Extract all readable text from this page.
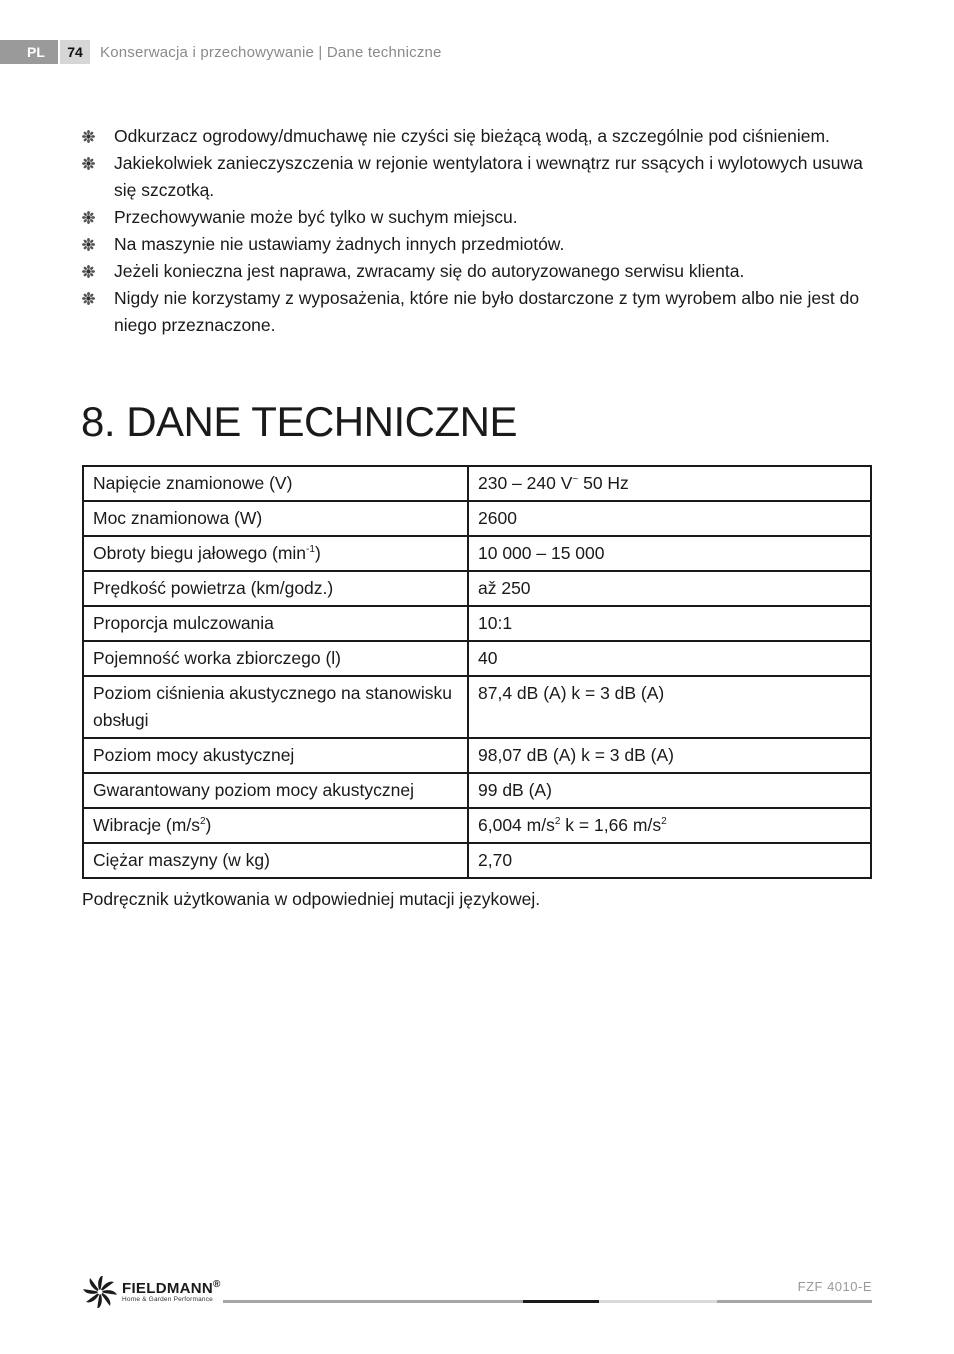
PL	74	Konserwacja i przechowywanie | Dane techniczne
Odkurzacz ogrodowy/dmuchawę nie czyści się bieżącą wodą, a szczególnie pod ciśnieniem.
Jakiekolwiek zanieczyszczenia w rejonie wentylatora i wewnątrz rur ssących i wylotowych usuwa się szczotką.
Przechowywanie może być tylko w suchym miejscu.
Na maszynie nie ustawiamy żadnych innych przedmiotów.
Jeżeli konieczna jest naprawa, zwracamy się do autoryzowanego serwisu klienta.
Nigdy nie korzystamy z wyposażenia, które nie było dostarczone z tym wyrobem albo nie jest do niego przeznaczone.
8. DANE TECHNICZNE
Napięcie znamionowe (V)	230 – 240 V~ 50 Hz
Moc znamionowa (W)	2600
Obroty biegu jałowego $(\min^{-1})$	10 000 – 15 000
Prędkość powietrza (km/godz.)	až 250
Proporcja mulczowania	10:1
Pojemność worka zbiorczego (l)	40
Poziom ciśnienia akustycznego na stanowisku obsługi	87,4 dB (A) k = 3 dB (A)
Poziom mocy akustycznej	98,07 dB (A) k = 3 dB (A)
Gwarantowany poziom mocy akustycznej	99 dB (A)
Wibracje $(m/s^2)$	6,004 $m/s^2$ k = 1,66 $m/s^2$
Ciężar maszyny (w kg)	2,70
Podręcznik użytkowania w odpowiedniej mutacji językowej.
FIELDMANN®
Home & Garden Performance
FZF 4010-E
